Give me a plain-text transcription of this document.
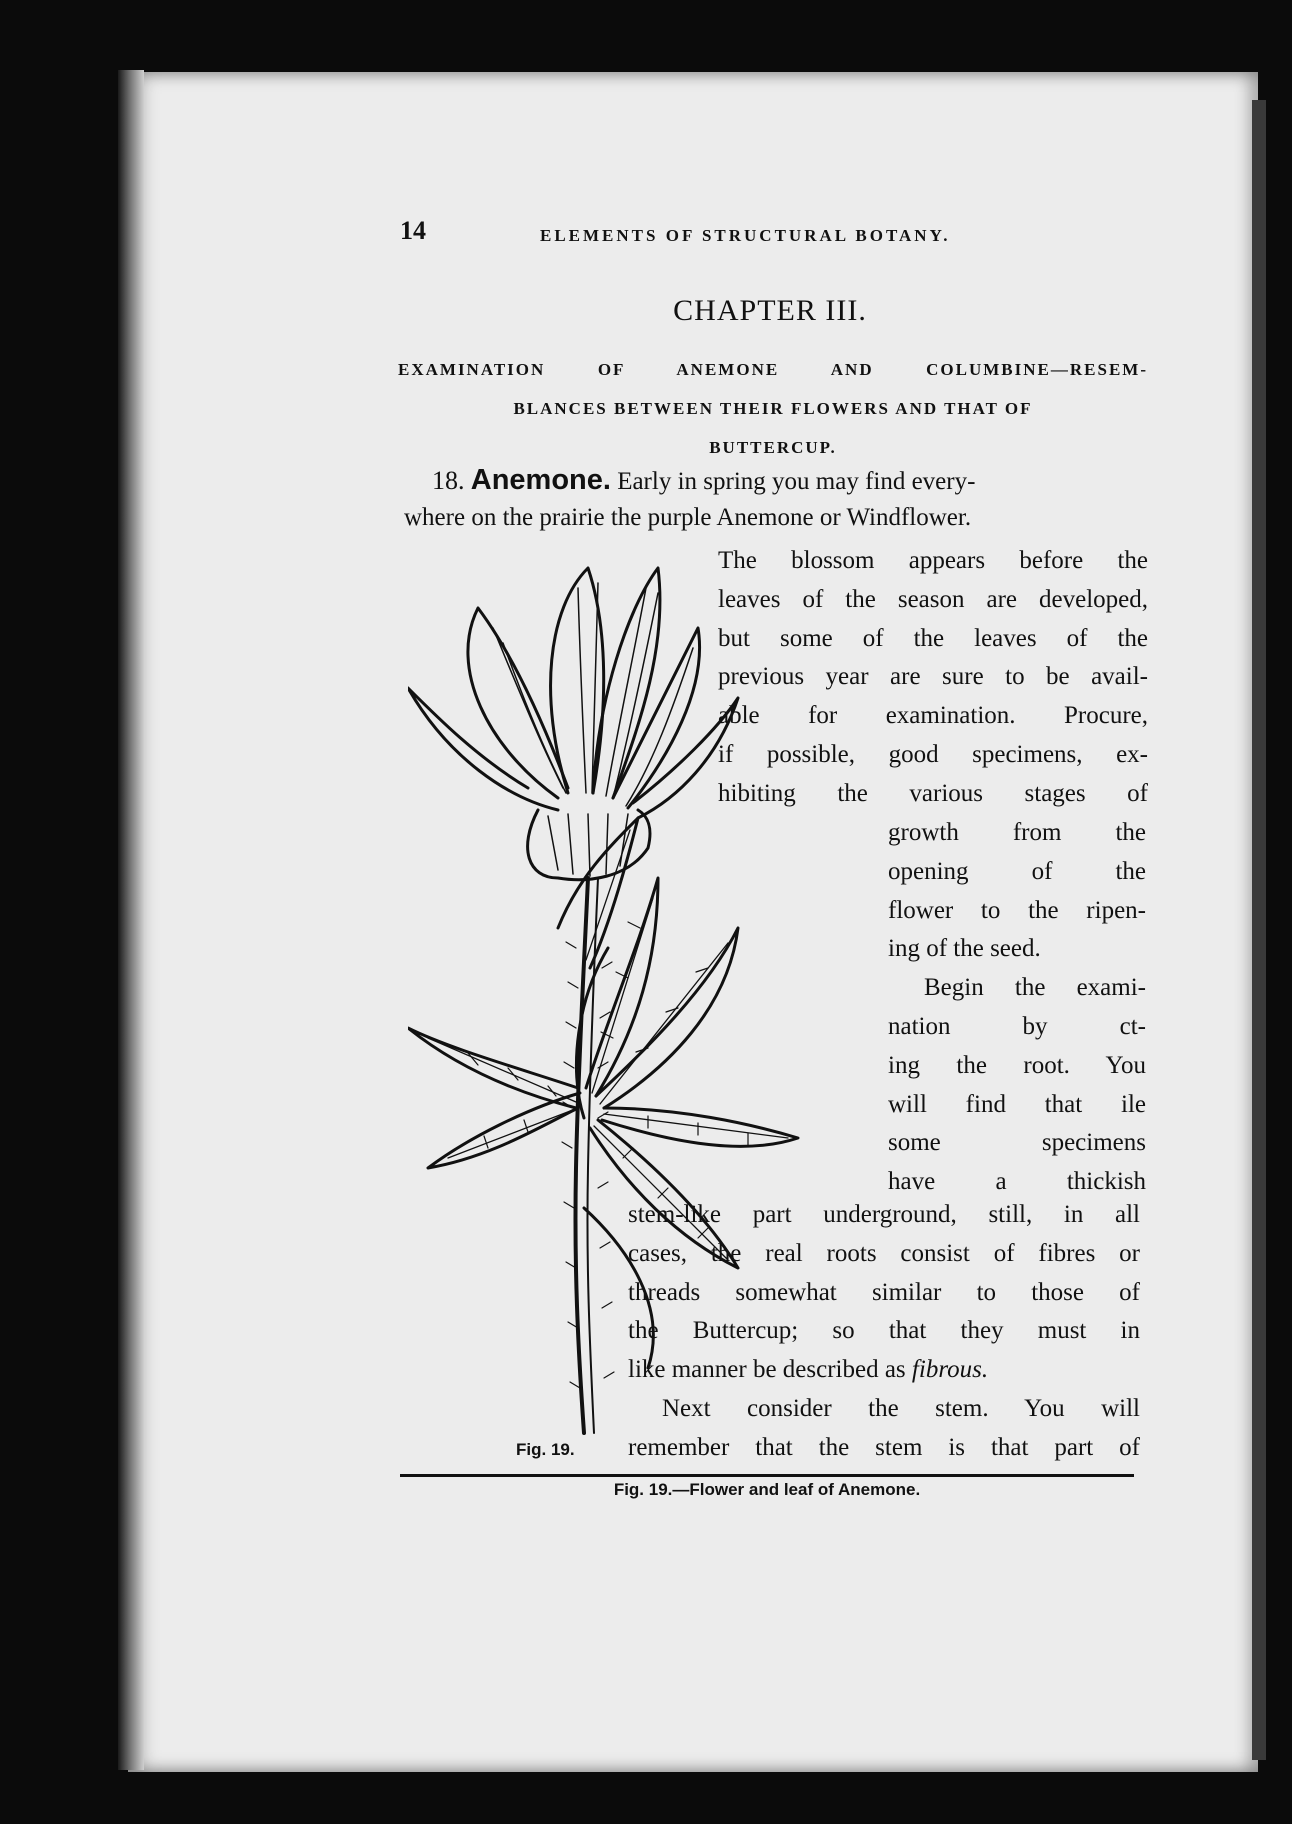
14	ELEMENTS OF STRUCTURAL BOTANY.
CHAPTER III.
EXAMINATION OF ANEMONE AND COLUMBINE—RESEM-
BLANCES BETWEEN THEIR FLOWERS AND THAT OF
BUTTERCUP.
18. Anemone. Early in spring you may find every-
where on the prairie the purple Anemone or Windflower.
The blossom appears before the
leaves of the season are developed,
but some of the leaves of the
previous year are sure to be avail-
able for examination. Procure,
if possible, good specimens, ex-
hibiting the various stages of
growth from the
opening of the
flower to the ripen-
ing of the seed.
Begin the exami-
nation by ct-
ing the root. You
will find that ile
some specimens
have a thickish
stem-like part underground, still, in all
cases, the real roots consist of fibres or
threads somewhat similar to those of
the Buttercup; so that they must in
like manner be described as fibrous.
Next consider the stem. You will
remember that the stem is that part of
Fig. 19.
Fig. 19.—Flower and leaf of Anemone.
